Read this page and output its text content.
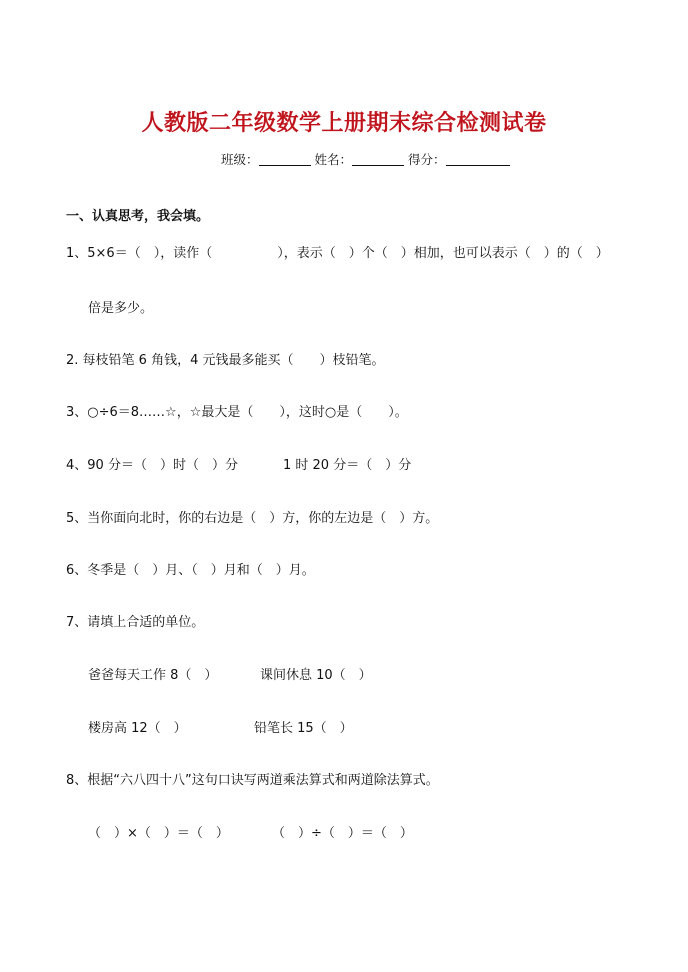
人教版二年级数学上册期末综合检测试卷
班级：	姓名：	得分：
一、认真思考，我会填。
1、5×6＝（　），读作（　　　　　），表示（　）个（　）相加，也可以表示（　）的（　）
倍是多少。
2. 每枝铅笔 6 角钱，4 元钱最多能买（　　）枝铅笔。
3、○÷6＝8……☆，☆最大是（　　），这时○是（　　）。
4、90 分＝（　）时（　）分	1 时 20 分＝（　）分
5、当你面向北时，你的右边是（　）方，你的左边是（　）方。
6、冬季是（　）月、（　）月和（　）月。
7、请填上合适的单位。
爸爸每天工作 8（　）	课间休息 10（　）
楼房高 12（　）	铅笔长 15（　）
8、根据“六八四十八”这句口诀写两道乘法算式和两道除法算式。
（　）×（　）＝（　）	（　）÷（　）＝（　）
